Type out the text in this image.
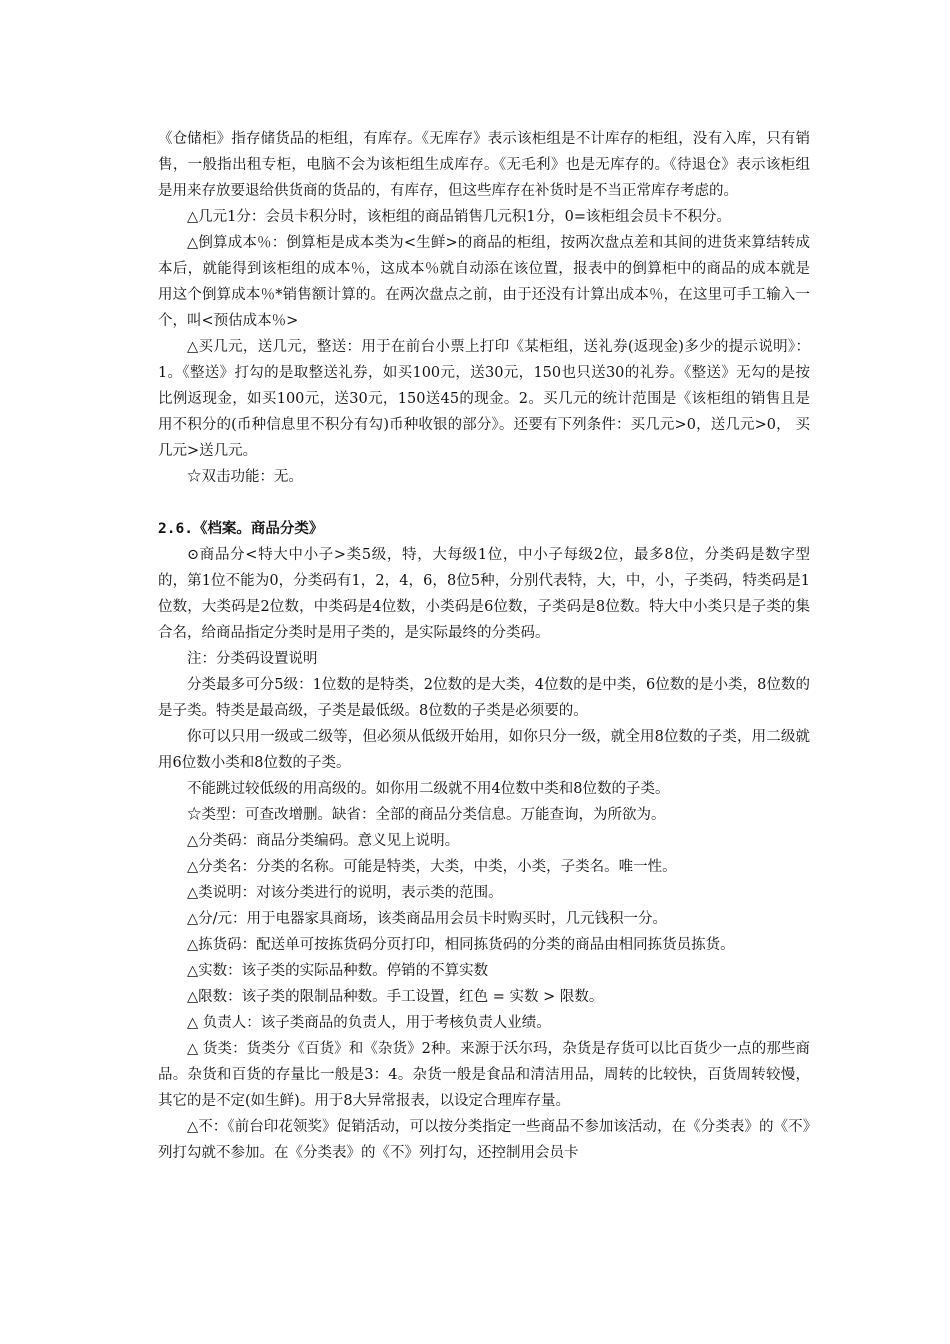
《仓储柜》指存储货品的柜组，有库存。《无库存》表示该柜组是不计库存的柜组，没有入库，只有销售，一般指出租专柜，电脑不会为该柜组生成库存。《无毛利》也是无库存的。《待退仓》表示该柜组是用来存放要退给供货商的货品的，有库存，但这些库存在补货时是不当正常库存考虑的。

△几元1分：会员卡积分时，该柜组的商品销售几元积1分，0=该柜组会员卡不积分。

△倒算成本％：倒算柜是成本类为<生鲜>的商品的柜组，按两次盘点差和其间的进货来算结转成本后，就能得到该柜组的成本％，这成本％就自动添在该位置，报表中的倒算柜中的商品的成本就是用这个倒算成本％*销售额计算的。在两次盘点之前，由于还没有计算出成本％，在这里可手工输入一个，叫<预估成本％>

△买几元，送几元，整送：用于在前台小票上打印《某柜组，送礼券(返现金)多少的提示说明》：1。《整送》打勾的是取整送礼券，如买100元，送30元，150也只送30的礼券。《整送》无勾的是按比例返现金，如买100元，送30元，150送45的现金。2。买几元的统计范围是《该柜组的销售且是用不积分的(币种信息里不积分有勾)币种收银的部分》。还要有下列条件：买几元>0，送几元>0， 买几元>送几元。

☆双击功能：无。

2.6.《档案。商品分类》

⊙商品分<特大中小子>类5级，特，大每级1位，中小子每级2位，最多8位，分类码是数字型的，第1位不能为0，分类码有1，2，4，6，8位5种，分别代表特，大，中，小，子类码，特类码是1位数，大类码是2位数，中类码是4位数，小类码是6位数，子类码是8位数。特大中小类只是子类的集合名，给商品指定分类时是用子类的，是实际最终的分类码。

注：分类码设置说明

分类最多可分5级：1位数的是特类，2位数的是大类，4位数的是中类，6位数的是小类，8位数的是子类。特类是最高级，子类是最低级。8位数的子类是必须要的。

你可以只用一级或二级等，但必须从低级开始用，如你只分一级，就全用8位数的子类，用二级就用6位数小类和8位数的子类。

不能跳过较低级的用高级的。如你用二级就不用4位数中类和8位数的子类。

☆类型：可查改增删。缺省：全部的商品分类信息。万能查询，为所欲为。

△分类码：商品分类编码。意义见上说明。

△分类名：分类的名称。可能是特类，大类，中类，小类，子类名。唯一性。

△类说明：对该分类进行的说明，表示类的范围。

△分/元：用于电器家具商场，该类商品用会员卡时购买时，几元钱积一分。

△拣货码：配送单可按拣货码分页打印，相同拣货码的分类的商品由相同拣货员拣货。

△实数：该子类的实际品种数。停销的不算实数

△限数：该子类的限制品种数。手工设置，红色 = 实数 > 限数。

△ 负责人：该子类商品的负责人，用于考核负责人业绩。

△ 货类：货类分《百货》和《杂货》2种。来源于沃尔玛，杂货是存货可以比百货少一点的那些商品。杂货和百货的存量比一般是3：4。杂货一般是食品和清洁用品，周转的比较快，百货周转较慢，其它的是不定(如生鲜)。用于8大异常报表，以设定合理库存量。

△不：《前台印花领奖》促销活动，可以按分类指定一些商品不参加该活动，在《分类表》的《不》列打勾就不参加。在《分类表》的《不》列打勾，还控制用会员卡
